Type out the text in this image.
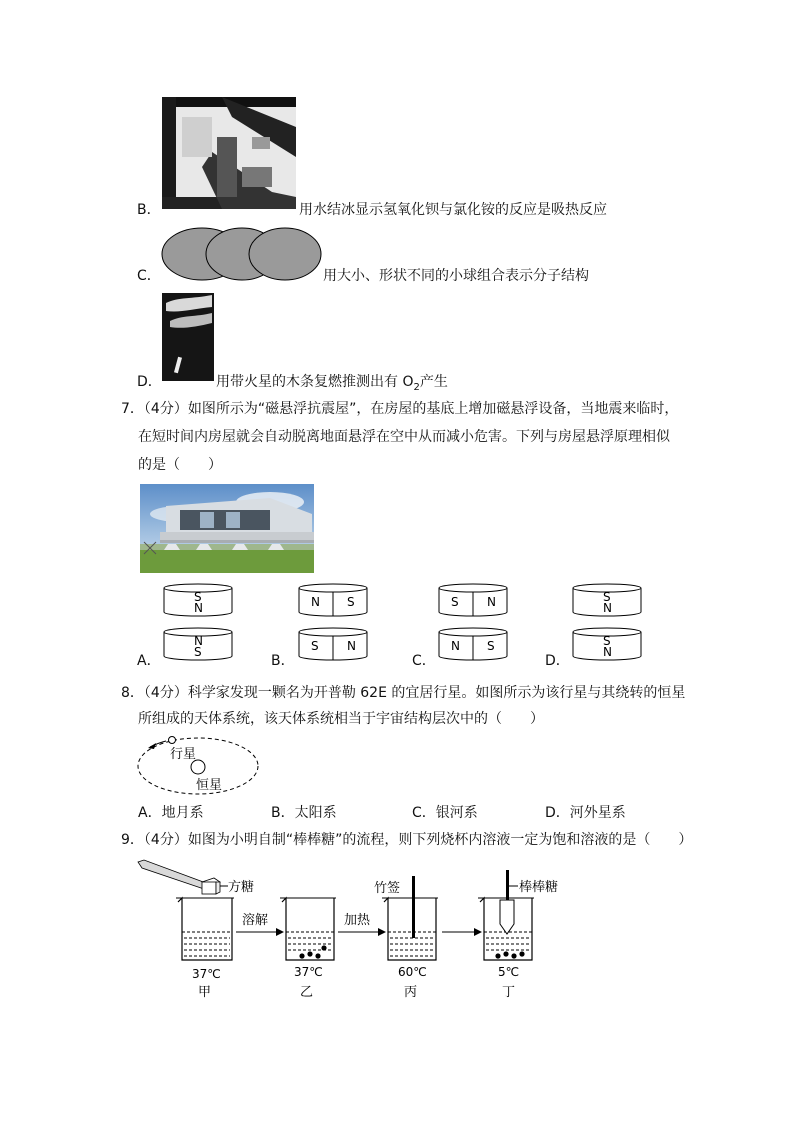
B．	用水结冰显示氢氧化钡与氯化铵的反应是吸热反应
C．	用大小、形状不同的小球组合表示分子结构
D．	用带火星的木条复燃推测出有 $O_2$产生
7．（4分）如图所示为“磁悬浮抗震屋”，在房屋的基底上增加磁悬浮设备，当地震来临时，
在短时间内房屋就会自动脱离地面悬浮在空中从而减小危害。下列与房屋悬浮原理相似
的是（　　）
S
N
N
S
A．
N S
S N
B．
S N
N S
C．
S
N
S
N
D．
8．（4分）科学家发现一颗名为开普勒 62E 的宜居行星。如图所示为该行星与其绕转的恒星
所组成的天体系统，该天体系统相当于宇宙结构层次中的（　　）
行星
恒星
A．地月系	B．太阳系	C．银河系	D．河外星系
9．（4分）如图为小明自制“棒棒糖”的流程，则下列烧杯内溶液一定为饱和溶液的是（　　）
方糖
37℃
甲
溶解
37℃
乙
加热
竹签
60℃
丙
棒棒糖
5℃
丁
